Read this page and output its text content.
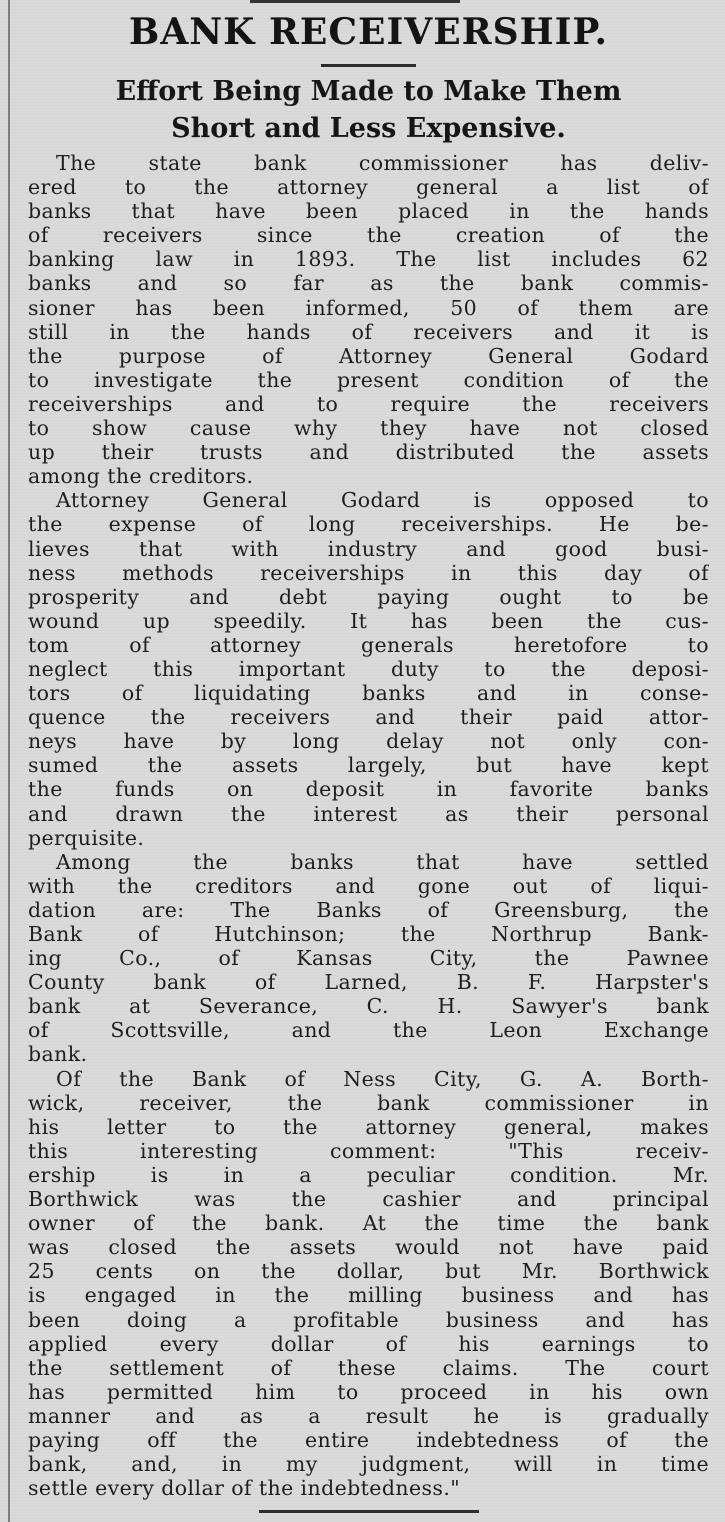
BANK RECEIVERSHIP.
Effort Being Made to Make Them
Short and Less Expensive.
The state bank commissioner has deliv-
ered to the attorney general a list of
banks that have been placed in the hands
of receivers since the creation of the
banking law in 1893. The list includes 62
banks and so far as the bank commis-
sioner has been informed, 50 of them are
still in the hands of receivers and it is
the purpose of Attorney General Godard
to investigate the present condition of the
receiverships and to require the receivers
to show cause why they have not closed
up their trusts and distributed the assets
among the creditors.
Attorney General Godard is opposed to
the expense of long receiverships. He be-
lieves that with industry and good busi-
ness methods receiverships in this day of
prosperity and debt paying ought to be
wound up speedily. It has been the cus-
tom of attorney generals heretofore to
neglect this important duty to the deposi-
tors of liquidating banks and in conse-
quence the receivers and their paid attor-
neys have by long delay not only con-
sumed the assets largely, but have kept
the funds on deposit in favorite banks
and drawn the interest as their personal
perquisite.
Among the banks that have settled
with the creditors and gone out of liqui-
dation are: The Banks of Greensburg, the
Bank of Hutchinson; the Northrup Bank-
ing Co., of Kansas City, the Pawnee
County bank of Larned, B. F. Harpster's
bank at Severance, C. H. Sawyer's bank
of Scottsville, and the Leon Exchange
bank.
Of the Bank of Ness City, G. A. Borth-
wick, receiver, the bank commissioner in
his letter to the attorney general, makes
this interesting comment: "This receiv-
ership is in a peculiar condition. Mr.
Borthwick was the cashier and principal
owner of the bank. At the time the bank
was closed the assets would not have paid
25 cents on the dollar, but Mr. Borthwick
is engaged in the milling business and has
been doing a profitable business and has
applied every dollar of his earnings to
the settlement of these claims. The court
has permitted him to proceed in his own
manner and as a result he is gradually
paying off the entire indebtedness of the
bank, and, in my judgment, will in time
settle every dollar of the indebtedness."
